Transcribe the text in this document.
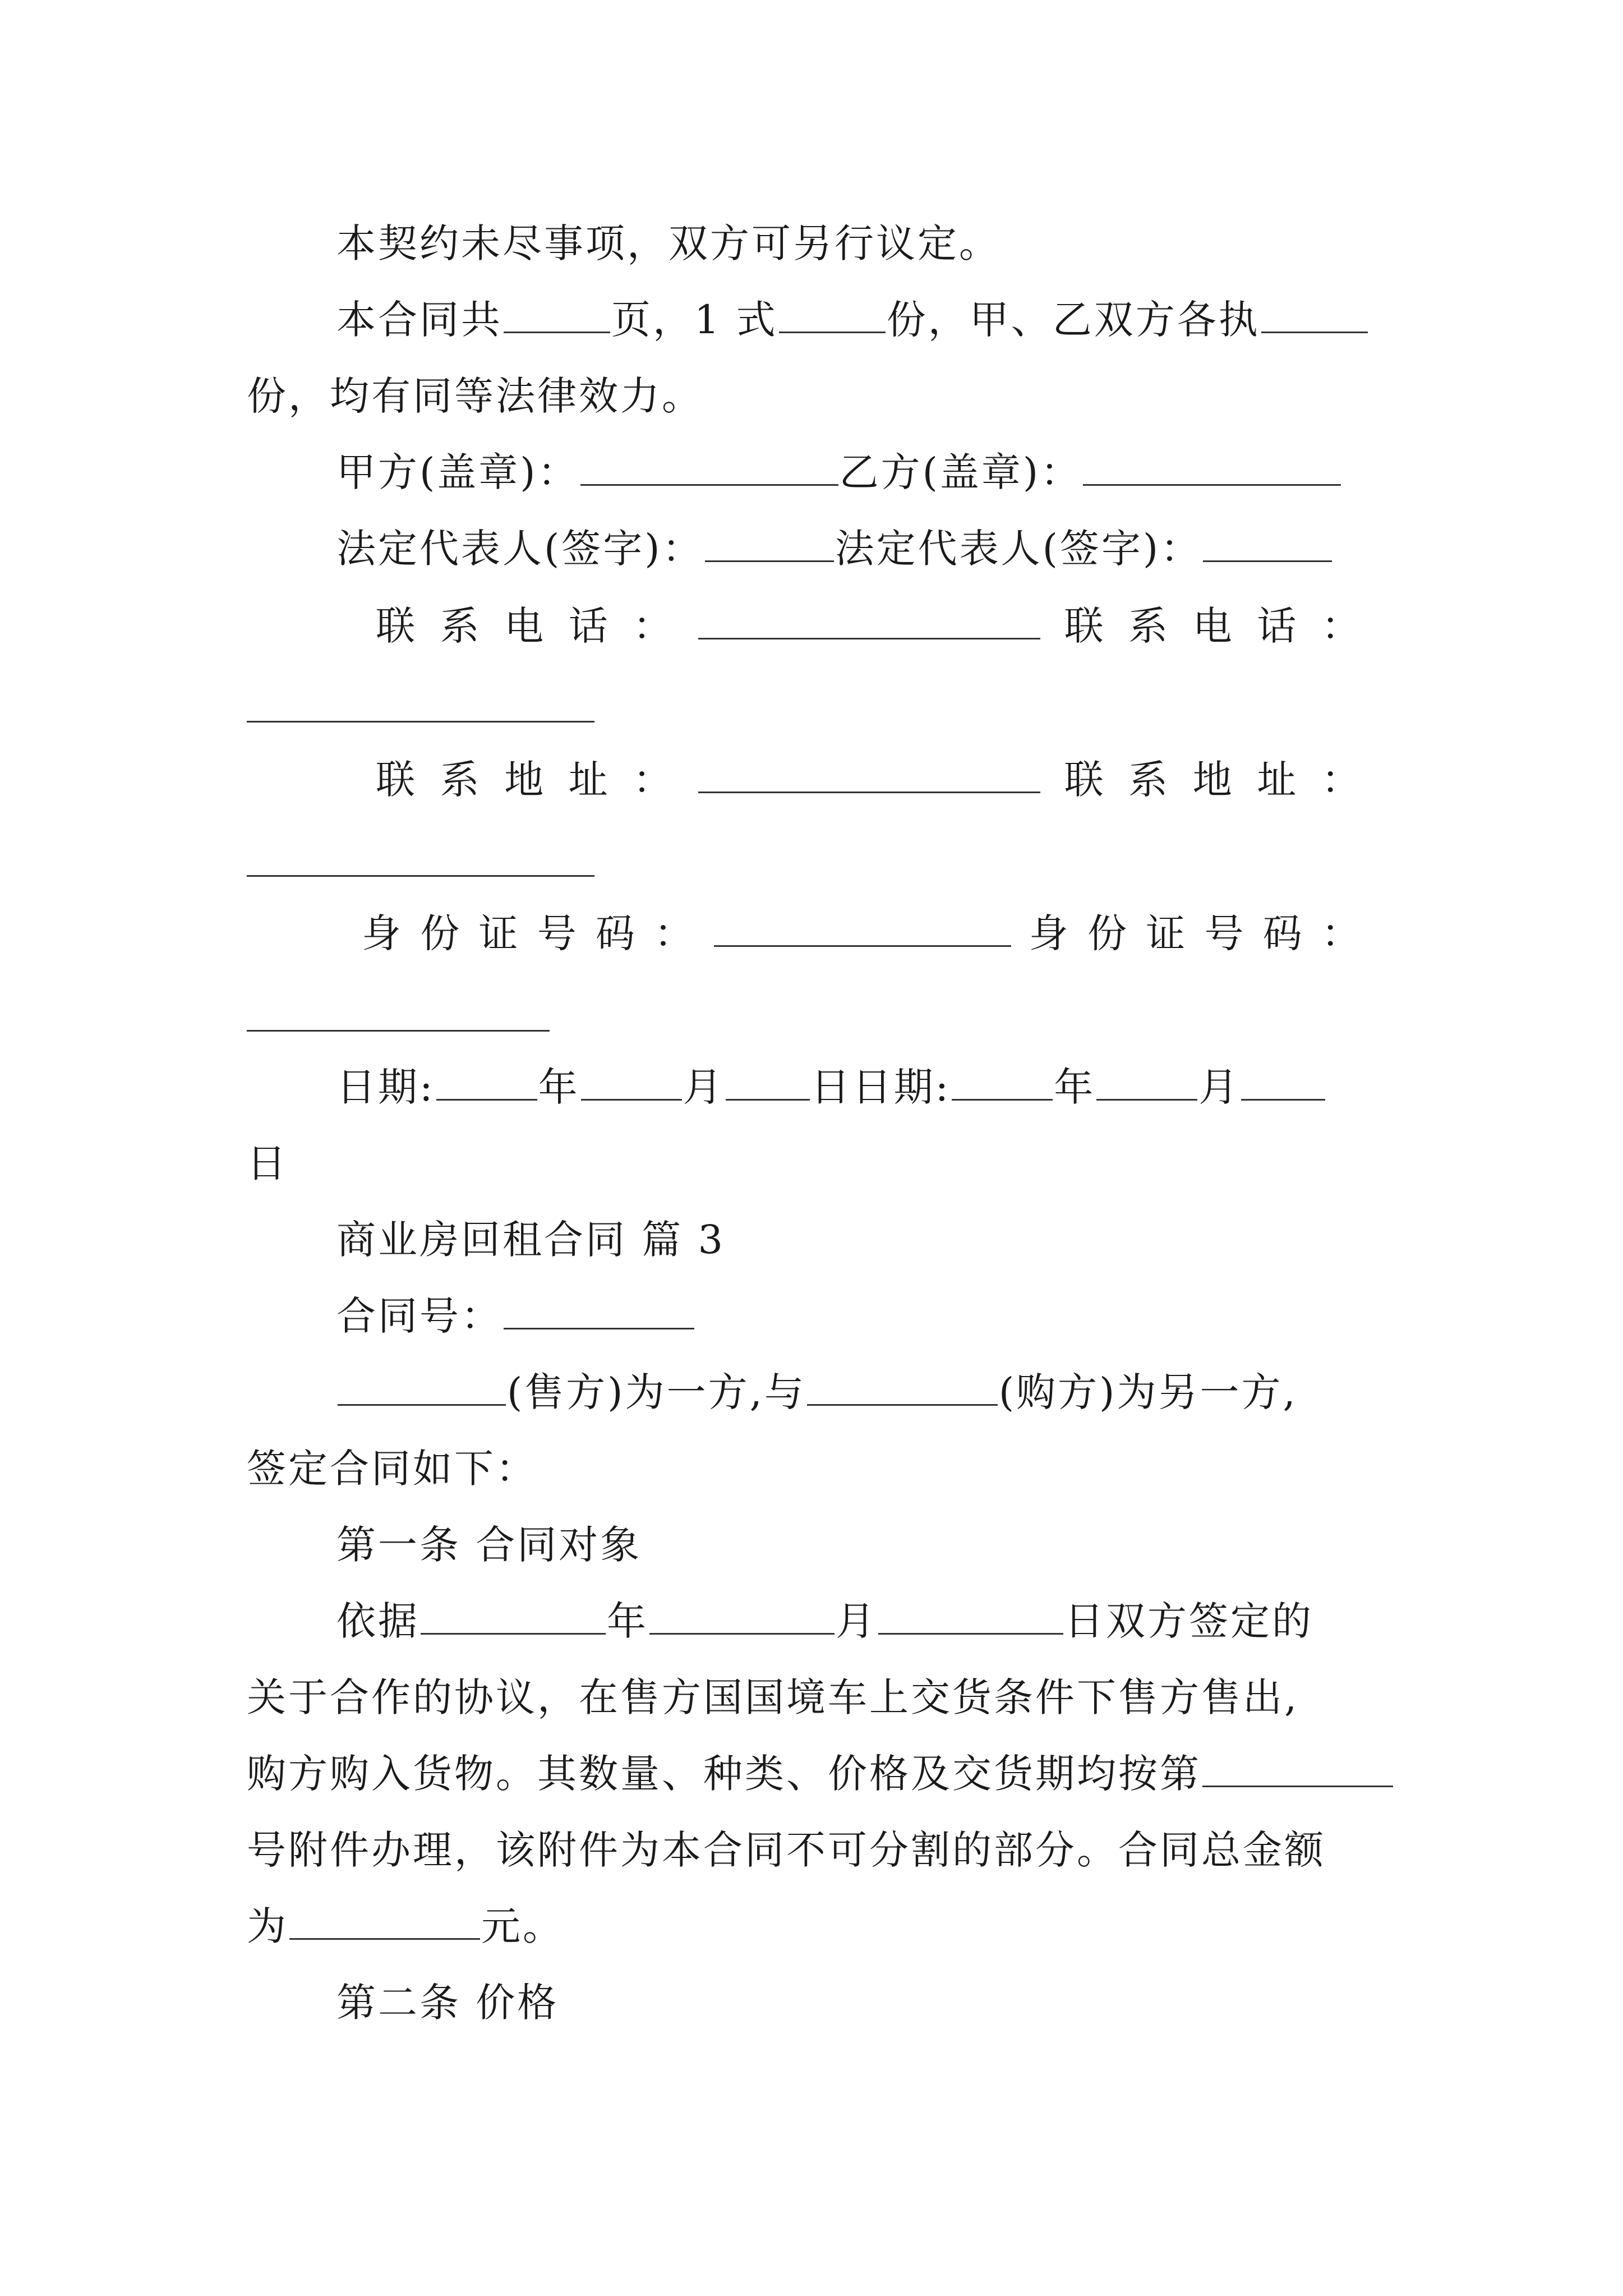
本契约未尽事项，双方可另行议定。
本合同共	页，1 式	份，甲、乙双方各执
份，均有同等法律效力。
甲方(盖章)：	乙方(盖章)：
法定代表人(签字)：	法定代表人(签字)：
联 系 电 话 ：	联 系 电 话 ：
联 系 地 址 ：	联 系 地 址 ：
身 份 证 号 码 ：	身 份 证 号 码 ：
日期:	年	月 日日期:	年	月
日
商业房回租合同 篇 3
合同号：
(售方)为一方,与	(购方)为另一方,
签定合同如下：
第一条 合同对象
依据	年	月	日双方签定的
关于合作的协议，在售方国国境车上交货条件下售方售出,
购方购入货物。其数量、种类、价格及交货期均按第
号附件办理，该附件为本合同不可分割的部分。合同总金额
为	元。
第二条 价格
